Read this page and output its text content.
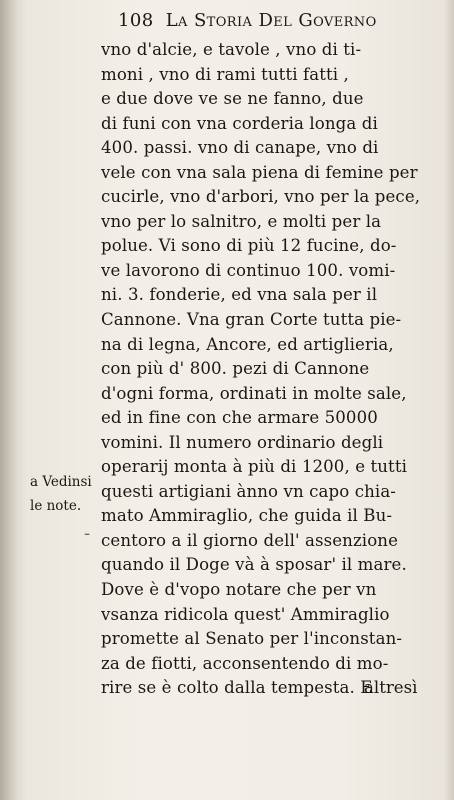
108 La Storia Del Governo
vno d'alcie, e tavole , vno di ti-
moni , vno di rami tutti fatti ,
e due dove ve se ne fanno, due
di funi con vna corderia longa di
400. passi. vno di canape, vno di
vele con vna sala piena di femine per
cucirle, vno d'arbori, vno per la pece,
vno per lo salnitro, e molti per la
polue. Vi sono di più 12 fucine, do-
ve lavorono di continuo 100. vomi-
ni. 3. fonderie, ed vna sala per il
Cannone. Vna gran Corte tutta pie-
na di legna, Ancore, ed artiglieria,
con più d' 800. pezi di Cannone
d'ogni forma, ordinati in molte sale,
ed in fine con che armare 50000
vomini. Il numero ordinario degli
operarij monta à più di 1200, e tutti
questi artigiani ànno vn capo chia-
mato Ammiraglio, che guida il Bu-
centoro a il giorno dell' assenzione
quando il Doge và à sposar' il mare.
Dove è d'vopo notare che per vn
vsanza ridicola quest' Ammiraglio
promette al Senato per l'inconstan-
za de fiotti, acconsentendo di mo-
rire se è colto dalla tempesta. E
a Vedinsi
le note.
-
altresì
